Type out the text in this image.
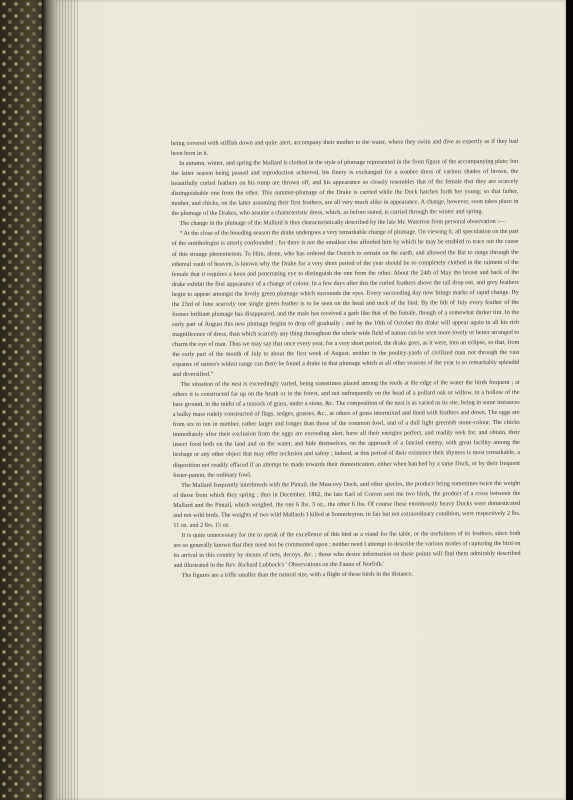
being covered with stiffish down and quite alert, accompany their mother to the water, where they swim and dive as expertly as if they had been born in it.

In autumn, winter, and spring the Mallard is clothed in the style of plumage represented in the front figure of the accompanying plate; but the latter season being passed and reproduction achieved, his finery is exchanged for a sombre dress of various shades of brown, the beautifully curled feathers on his rump are thrown off, and his appearance so closely resembles that of the female that they are scarcely distinguishable one from the other. This summer-plumage of the Drake is carried while the Duck hatches forth her young; so that father, mother, and chicks, on the latter assuming their first feathers, are all very much alike in appearance. A change, however, soon takes place in the plumage of the Drakes, who assume a characteristic dress, which, as before stated, is carried through the winter and spring.

The change in the plumage of the Mallard is thus characteristically described by the late Mr. Waterton from personal observation :—

“ At the close of the breeding-season the drake undergoes a very remarkable change of plumage. On viewing it, all speculation on the part of the ornithologist is utterly confounded ; for there is not the smallest clue afforded him by which he may be enabled to trace out the cause of this strange phenomenon. To Him, alone, who has ordered the Ostrich to remain on the earth, and allowed the Bat to range through the ethereal vault of heaven, is known why the Drake for a very short period of the year should be so completely clothed in the raiment of the female that it requires a keen and penetrating eye to distinguish the one from the other. About the 24th of May the breast and back of the drake exhibit the first appearance of a change of colour. In a few days after this the curled feathers above the tail drop out, and grey feathers begin to appear amongst the lovely green plumage which surrounds the eyes. Every succeeding day now brings marks of rapid change. By the 23rd of June scarcely one single green feather is to be seen on the head and neck of the bird. By the 6th of July every feather of the former brilliant plumage has disappeared, and the male has received a garb like that of the female, though of a somewhat darker tint. In the early part of August this new plumage begins to drop off gradually ; and by the 10th of October the drake will appear again in all his rich magnificence of dress, than which scarcely any thing throughout the whole wide field of nature can be seen more lovely or better arranged to charm the eye of man. Thus we may say that once every year, for a very short period, the drake goes, as it were, into an eclipse, so that, from the early part of the month of July to about the first week of August, neither in the poultry-yards of civilized man nor through the vast expanse of nature's widest range can there be found a drake in that plumage which at all other seasons of the year is so remarkably splendid and diversified.”

The situation of the nest is exceedingly varied, being sometimes placed among the reeds at the edge of the water the birds frequent ; at others it is constructed far up on the heath or in the forest, and not unfrequently on the head of a pollard oak or willow, in a hollow of the bare ground, in the midst of a tussock of grass, under a stone, &c. The composition of the nest is as varied as its site, being in some instances a bulky mass rudely constructed of flags, sedges, grasses, &c., at others of grass intermixed and lined with feathers and down. The eggs are from six to ten in number, rather larger and longer than those of the common fowl, and of a dull light greenish stone-colour. The chicks immediately after their exclusion from the eggs are exceeding alert, have all their energies perfect, and readily seek for, and obtain, their insect food both on the land and on the water, and hide themselves, on the approach of a fancied enemy, with great facility among the herbage or any other object that may offer seclusion and safety ; indeed, at this period of their existence their shyness is most remarkable, a disposition not readily effaced if an attempt be made towards their domestication, either when hatched by a tame Duck, or by their frequent foster-parent, the ordinary fowl.

The Mallard frequently interbreeds with the Pintail, the Muscovy Duck, and other species, the produce being sometimes twice the weight of those from which they spring : thus in December, 1862, the late Earl of Craven sent me two birds, the product of a cross between the Mallard and the Pintail, which weighed, the one 6 lbs. 3 oz., the other 6 lbs. Of course these enormously heavy Ducks were domesticated and not wild birds. The weights of two wild Mallards I killed at Somerleyton, in fair but not extraordinary condition, were respectively 2 lbs. 11 oz. and 2 lbs. 15 oz.

It is quite unnecessary for me to speak of the excellence of this bird as a viand for the table, or the usefulness of its feathers, since both are so generally known that they need not be commented upon ; neither need I attempt to describe the various modes of capturing the bird on its arrival in this country by means of nets, decoys, &c. ; those who desire information on these points will find them admirably described and illustrated in the Rev. Richard Lubbock's ' Observations on the Fauna of Norfolk.'

The figures are a trifle smaller than the natural size, with a flight of these birds in the distance.
